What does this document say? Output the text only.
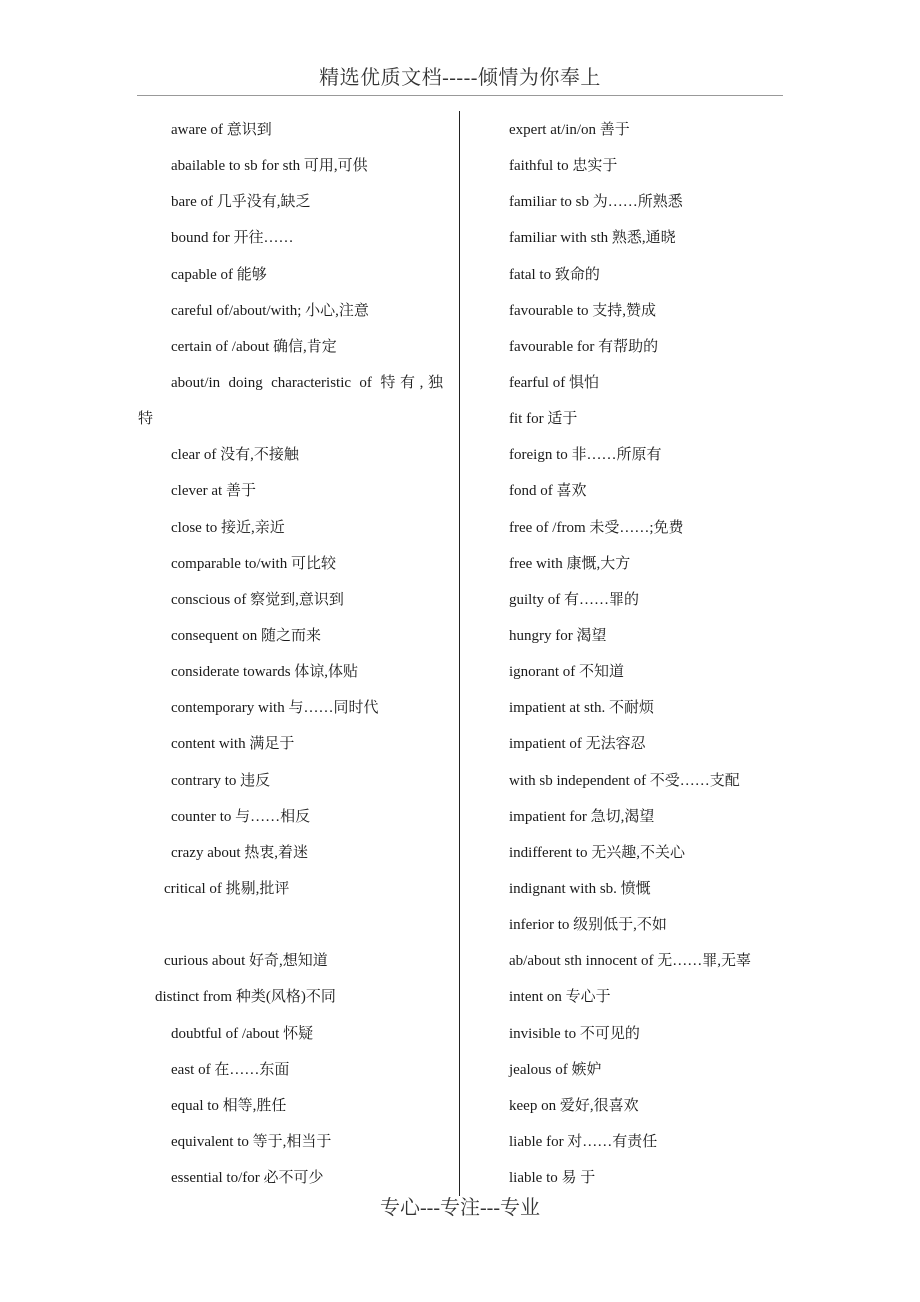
精选优质文档-----倾情为你奉上
aware of 意识到
abailable to sb for sth 可用,可供
bare of 几乎没有,缺乏
bound for 开往……
capable of 能够
careful of/about/with; 小心,注意
certain of /about 确信,肯定
about/in doing characteristic of 特有,独
特
clear of 没有,不接触
clever at 善于
close to 接近,亲近
comparable to/with 可比较
conscious of 察觉到,意识到
consequent on 随之而来
considerate towards 体谅,体贴
contemporary with 与……同时代
content with 满足于
contrary to 违反
counter to 与……相反
crazy about 热衷,着迷
critical of 挑剔,批评
curious about 好奇,想知道
distinct from 种类(风格)不同
doubtful of /about 怀疑
east of 在……东面
equal to 相等,胜任
equivalent to 等于,相当于
essential to/for 必不可少
expert at/in/on 善于
faithful to 忠实于
familiar to sb 为……所熟悉
familiar with sth 熟悉,通晓
fatal to 致命的
favourable to 支持,赞成
favourable for 有帮助的
fearful of 惧怕
fit for 适于
foreign to 非……所原有
fond of 喜欢
free of /from 未受……;免费
free with 康慨,大方
guilty of 有……罪的
hungry for 渴望
ignorant of 不知道
impatient at sth. 不耐烦
impatient of 无法容忍
with sb independent of 不受……支配
impatient for 急切,渴望
indifferent to 无兴趣,不关心
indignant with sb. 愤慨
inferior to 级别低于,不如
ab/about sth innocent of 无……罪,无辜
intent on 专心于
invisible to 不可见的
jealous of 嫉妒
keep on 爱好,很喜欢
liable for 对……有责任
liable to 易 于
专心---专注---专业
